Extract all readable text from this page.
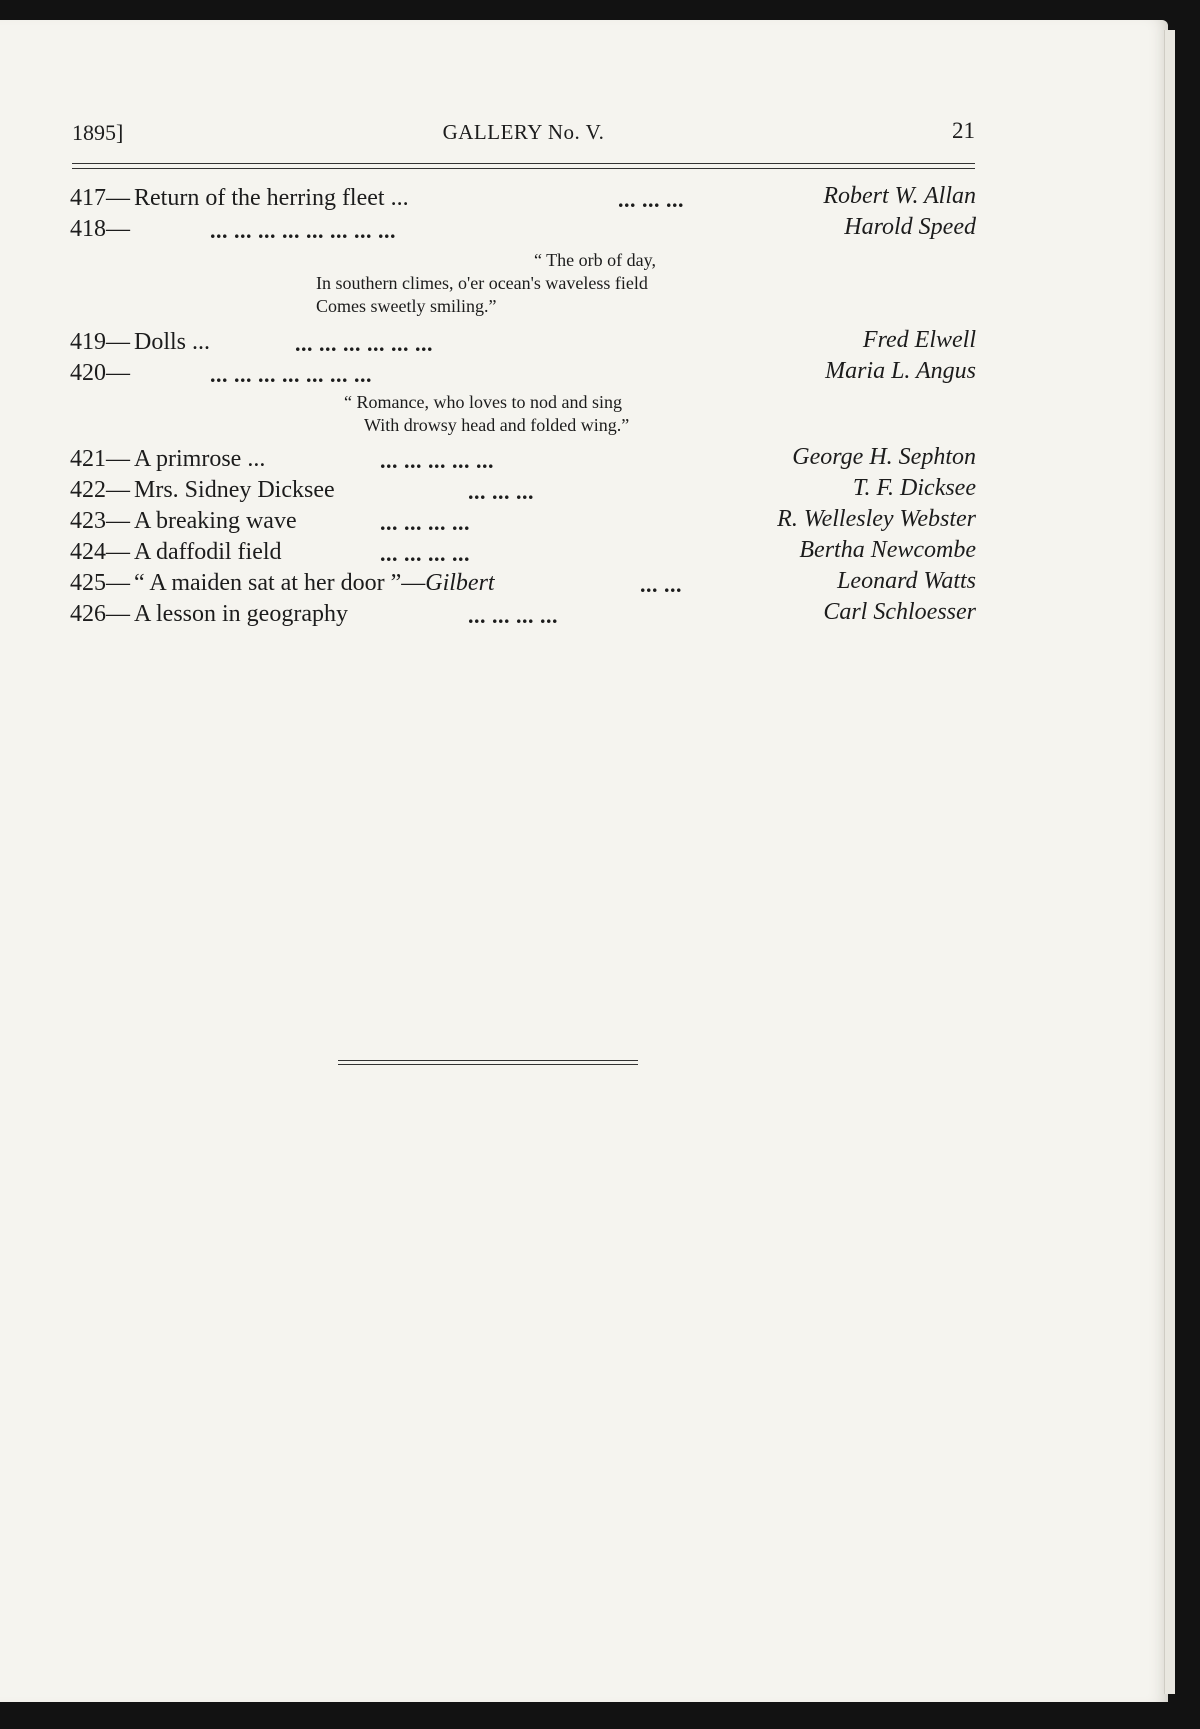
1895]	GALLERY No. V.	21
417— Return of the herring fleet ...	... ... ...	Robert W. Allan
418—	... ... ... ... ... ... ... ...	Harold Speed
“ The orb of day,
In southern climes, o'er ocean's waveless field
Comes sweetly smiling.”
419— Dolls ...	... ... ... ... ... ...	Fred Elwell
420—	... ... ... ... ... ... ...	Maria L. Angus
“ Romance, who loves to nod and sing
With drowsy head and folded wing.”
421— A primrose ...	... ... ... ... ...	George H. Sephton
422— Mrs. Sidney Dicksee	... ... ...	T. F. Dicksee
423— A breaking wave	... ... ... ...	R. Wellesley Webster
424— A daffodil field	... ... ... ...	Bertha Newcombe
425— “ A maiden sat at her door ”—Gilbert	... ...	Leonard Watts
426— A lesson in geography	... ... ... ...	Carl Schloesser
